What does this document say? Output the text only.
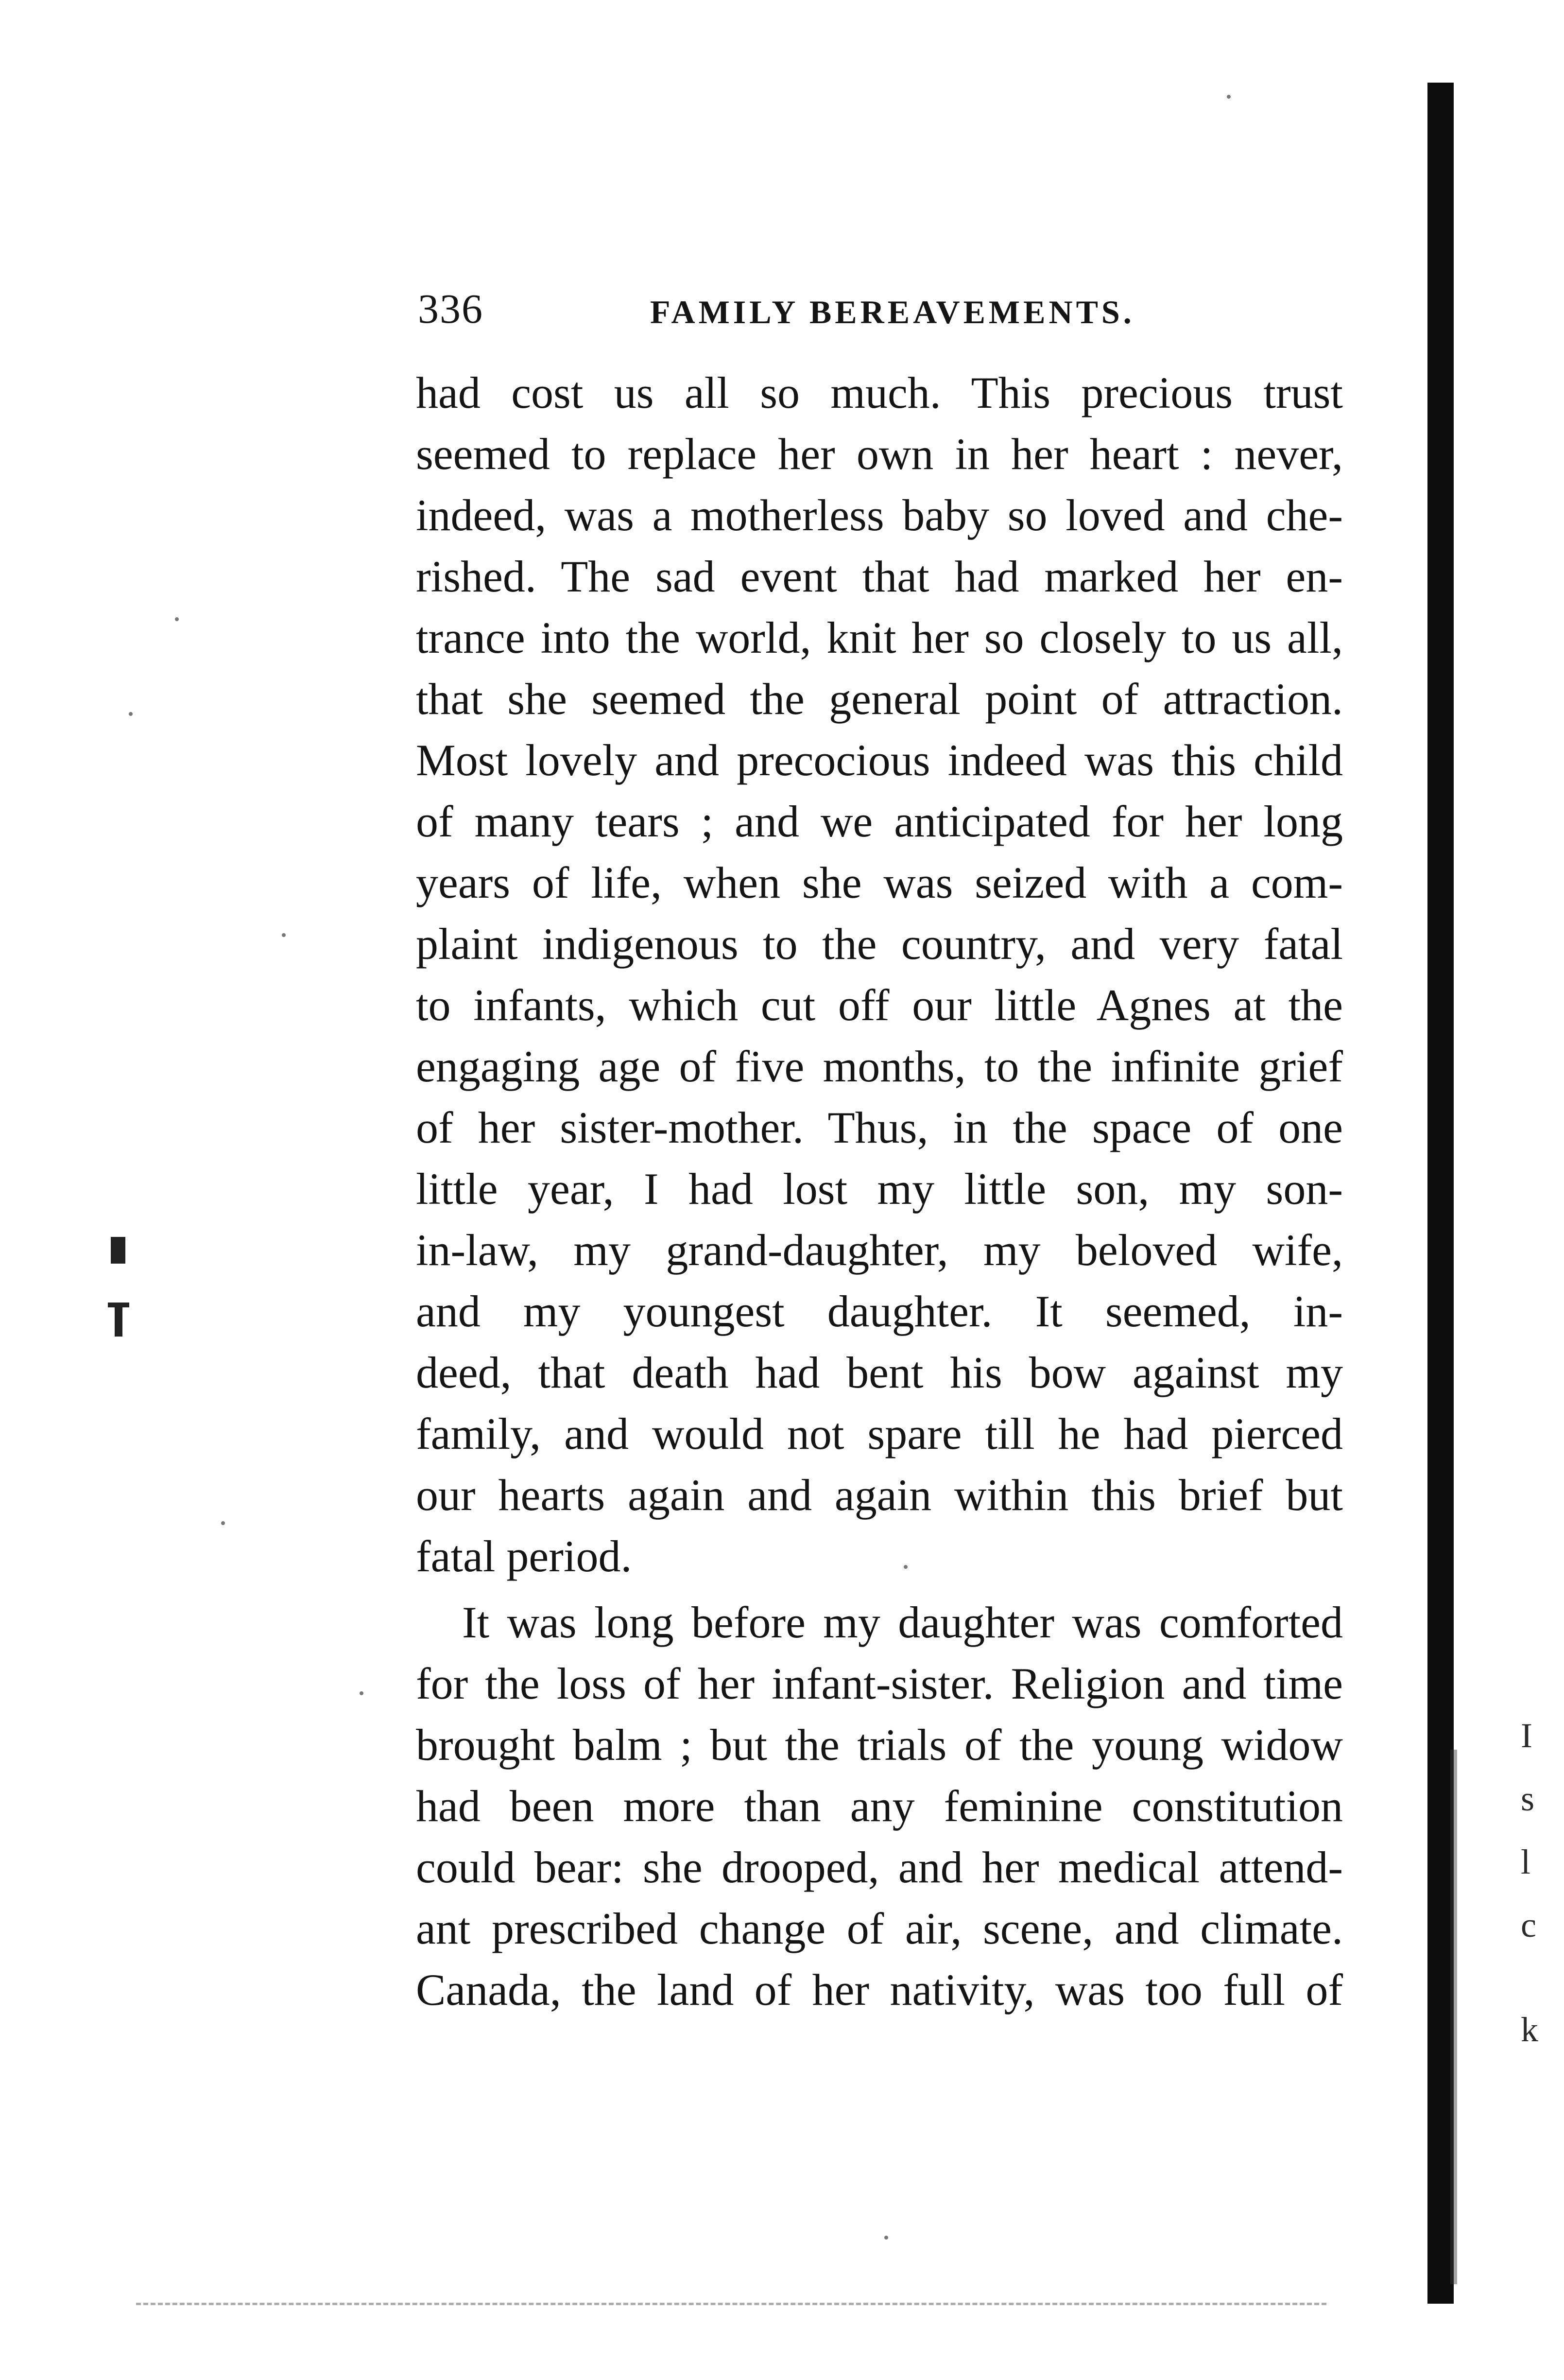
336	FAMILY BEREAVEMENTS.
had cost us all so much. This precious trust
seemed to replace her own in her heart : never,
indeed, was a motherless baby so loved and che-
rished. The sad event that had marked her en-
trance into the world, knit her so closely to us all,
that she seemed the general point of attraction.
Most lovely and precocious indeed was this child
of many tears ; and we anticipated for her long
years of life, when she was seized with a com-
plaint indigenous to the country, and very fatal
to infants, which cut off our little Agnes at the
engaging age of five months, to the infinite grief
of her sister-mother. Thus, in the space of one
little year, I had lost my little son, my son-
in-law, my grand-daughter, my beloved wife,
and my youngest daughter. It seemed, in-
deed, that death had bent his bow against my
family, and would not spare till he had pierced
our hearts again and again within this brief but
fatal period.
It was long before my daughter was comforted
for the loss of her infant-sister. Religion and time
brought balm ; but the trials of the young widow
had been more than any feminine constitution
could bear: she drooped, and her medical attend-
ant prescribed change of air, scene, and climate.
Canada, the land of her nativity, was too full of
I
s
l
c
k
